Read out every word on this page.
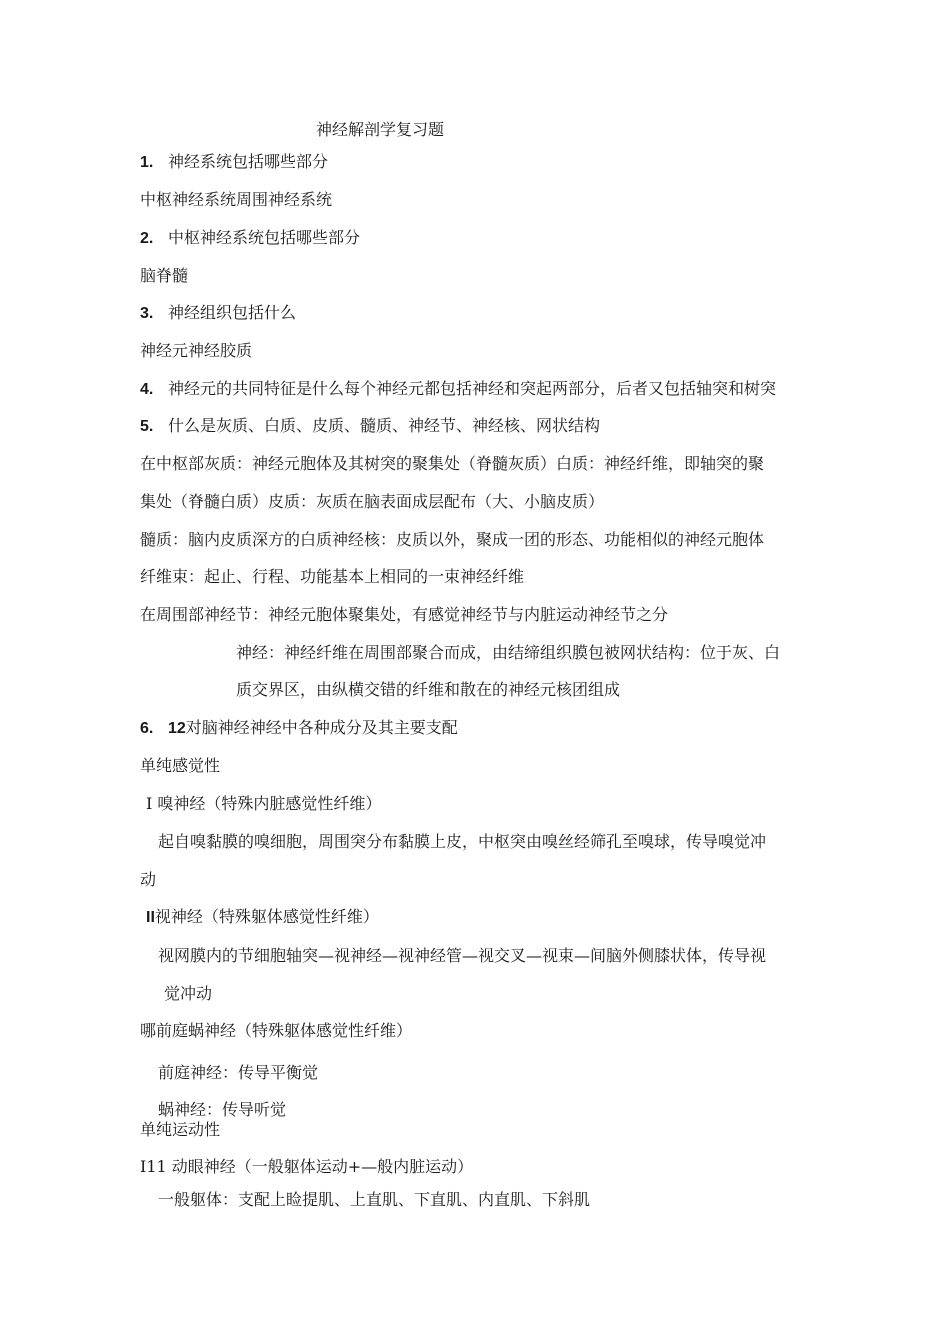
神经解剖学复习题
1. 神经系统包括哪些部分
中枢神经系统周围神经系统
2. 中枢神经系统包括哪些部分
脑脊髓
3. 神经组织包括什么
神经元神经胶质
4. 神经元的共同特征是什么每个神经元都包括神经和突起两部分，后者又包括轴突和树突
5. 什么是灰质、白质、皮质、髓质、神经节、神经核、网状结构
在中枢部灰质：神经元胞体及其树突的聚集处（脊髓灰质）白质：神经纤维，即轴突的聚
集处（脊髓白质）皮质：灰质在脑表面成层配布（大、小脑皮质）
髓质：脑内皮质深方的白质神经核：皮质以外，聚成一团的形态、功能相似的神经元胞体
纤维束：起止、行程、功能基本上相同的一束神经纤维
在周围部神经节：神经元胞体聚集处，有感觉神经节与内脏运动神经节之分
神经：神经纤维在周围部聚合而成，由结缔组织膜包被网状结构：位于灰、白
质交界区，由纵横交错的纤维和散在的神经元核团组成
6. 12对脑神经神经中各种成分及其主要支配
单纯感觉性
I 嗅神经（特殊内脏感觉性纤维）
起自嗅黏膜的嗅细胞，周围突分布黏膜上皮，中枢突由嗅丝经筛孔至嗅球，传导嗅觉冲
动
II视神经（特殊躯体感觉性纤维）
视网膜内的节细胞轴突—视神经—视神经管—视交叉—视束—间脑外侧膝状体，传导视
觉冲动
哪前庭蜗神经（特殊躯体感觉性纤维）
前庭神经：传导平衡觉
蜗神经：传导听觉
单纯运动性
I11 动眼神经（一般躯体运动+—般内脏运动）
一般躯体：支配上睑提肌、上直肌、下直肌、内直肌、下斜肌
